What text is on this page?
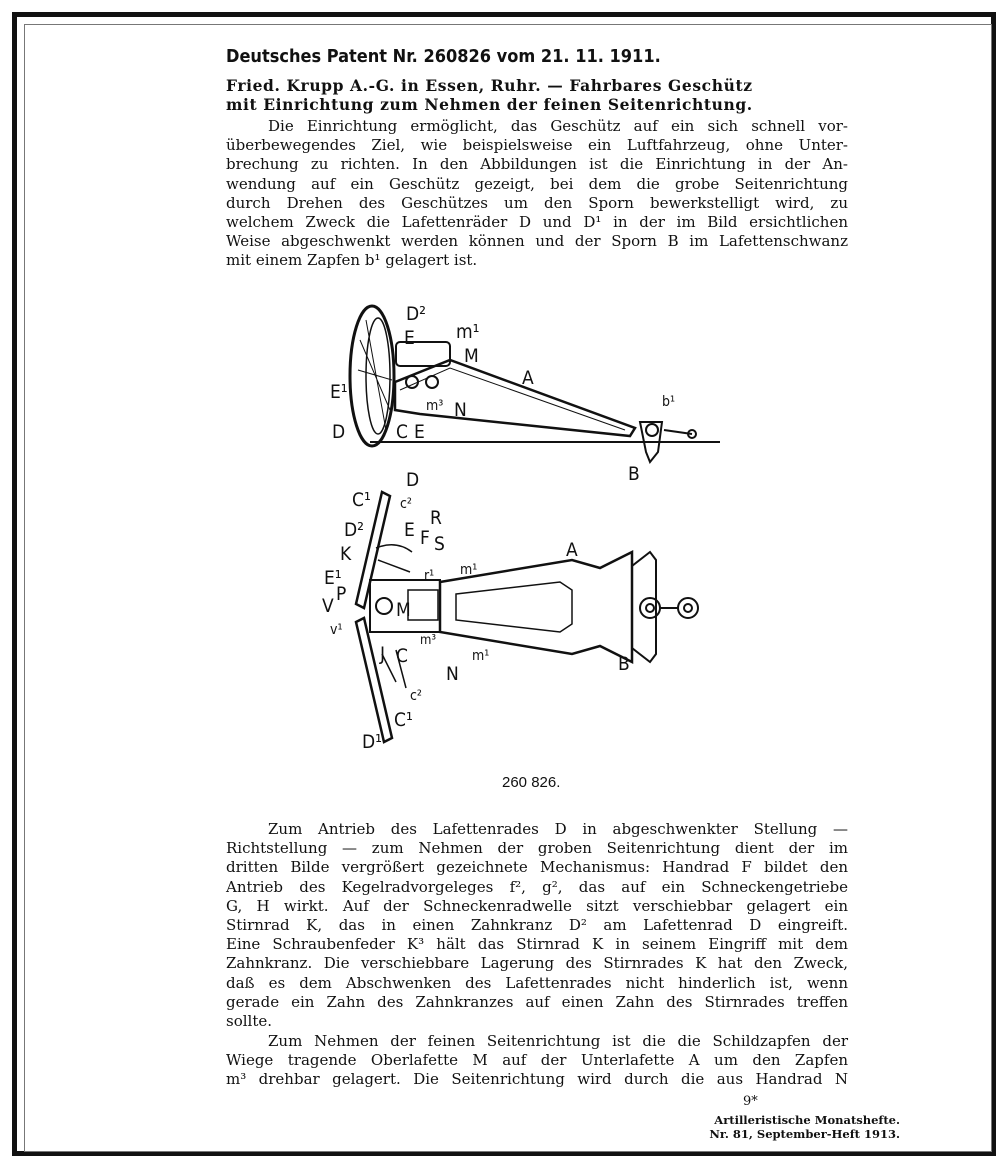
Deutsches Patent Nr. 260826 vom 21. 11. 1911.
Fried. Krupp A.-G. in Essen, Ruhr. — Fahrbares Geschütz
mit Einrichtung zum Nehmen der feinen Seitenrichtung.
Die Einrichtung ermöglicht, das Geschütz auf ein sich schnell vor-
überbewegendes Ziel, wie beispielsweise ein Luftfahrzeug, ohne Unter-
brechung zu richten. In den Abbildungen ist die Einrichtung in der An-
wendung auf ein Geschütz gezeigt, bei dem die grobe Seitenrichtung
durch Drehen des Geschützes um den Sporn bewerkstelligt wird, zu
welchem Zweck die Lafettenräder D und D¹ in der im Bild ersichtlichen
Weise abgeschwenkt werden können und der Sporn B im Lafettenschwanz
mit einem Zapfen b¹ gelagert ist.
D²
m¹
E
M
A
E¹
m³ N	b¹
D	C E
B
D
C¹ c²
D² E F
R
S
K
m¹
A
r¹
E¹
P
V
v¹
M
m³
m¹
J C
N
c²
B
C¹
D¹
260 826.
Zum Antrieb des Lafettenrades D in abgeschwenkter Stellung —
Richtstellung — zum Nehmen der groben Seitenrichtung dient der im
dritten Bilde vergrößert gezeichnete Mechanismus: Handrad F bildet den
Antrieb des Kegelradvorgeleges f², g², das auf ein Schneckengetriebe
G, H wirkt. Auf der Schneckenradwelle sitzt verschiebbar gelagert ein
Stirnrad K, das in einen Zahnkranz D² am Lafettenrad D eingreift.
Eine Schraubenfeder K³ hält das Stirnrad K in seinem Eingriff mit dem
Zahnkranz. Die verschiebbare Lagerung des Stirnrades K hat den Zweck,
daß es dem Abschwenken des Lafettenrades nicht hinderlich ist, wenn
gerade ein Zahn des Zahnkranzes auf einen Zahn des Stirnrades treffen
sollte.
Zum Nehmen der feinen Seitenrichtung ist die die Schildzapfen der
Wiege tragende Oberlafette M auf der Unterlafette A um den Zapfen
m³ drehbar gelagert. Die Seitenrichtung wird durch die aus Handrad N
9*
Artilleristische Monatshefte.
Nr. 81, September-Heft 1913.
